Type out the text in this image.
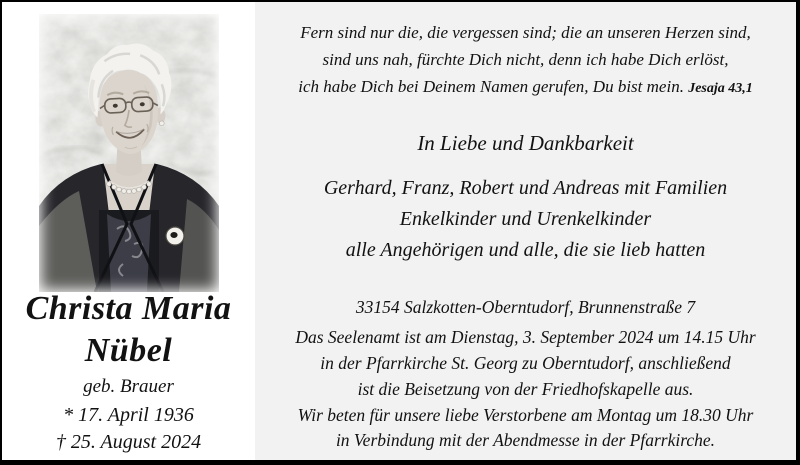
Christa Maria
Nübel
geb. Brauer
* 17. April 1936
† 25. August 2024

Fern sind nur die, die vergessen sind; die an unseren Herzen sind,
sind uns nah, fürchte Dich nicht, denn ich habe Dich erlöst,
ich habe Dich bei Deinem Namen gerufen, Du bist mein. Jesaja 43,1

In Liebe und Dankbarkeit

Gerhard, Franz, Robert und Andreas mit Familien
Enkelkinder und Urenkelkinder
alle Angehörigen und alle, die sie lieb hatten

33154 Salzkotten-Oberntudorf, Brunnenstraße 7

Das Seelenamt ist am Dienstag, 3. September 2024 um 14.15 Uhr
in der Pfarrkirche St. Georg zu Oberntudorf, anschließend
ist die Beisetzung von der Friedhofskapelle aus.

Wir beten für unsere liebe Verstorbene am Montag um 18.30 Uhr
in Verbindung mit der Abendmesse in der Pfarrkirche.
